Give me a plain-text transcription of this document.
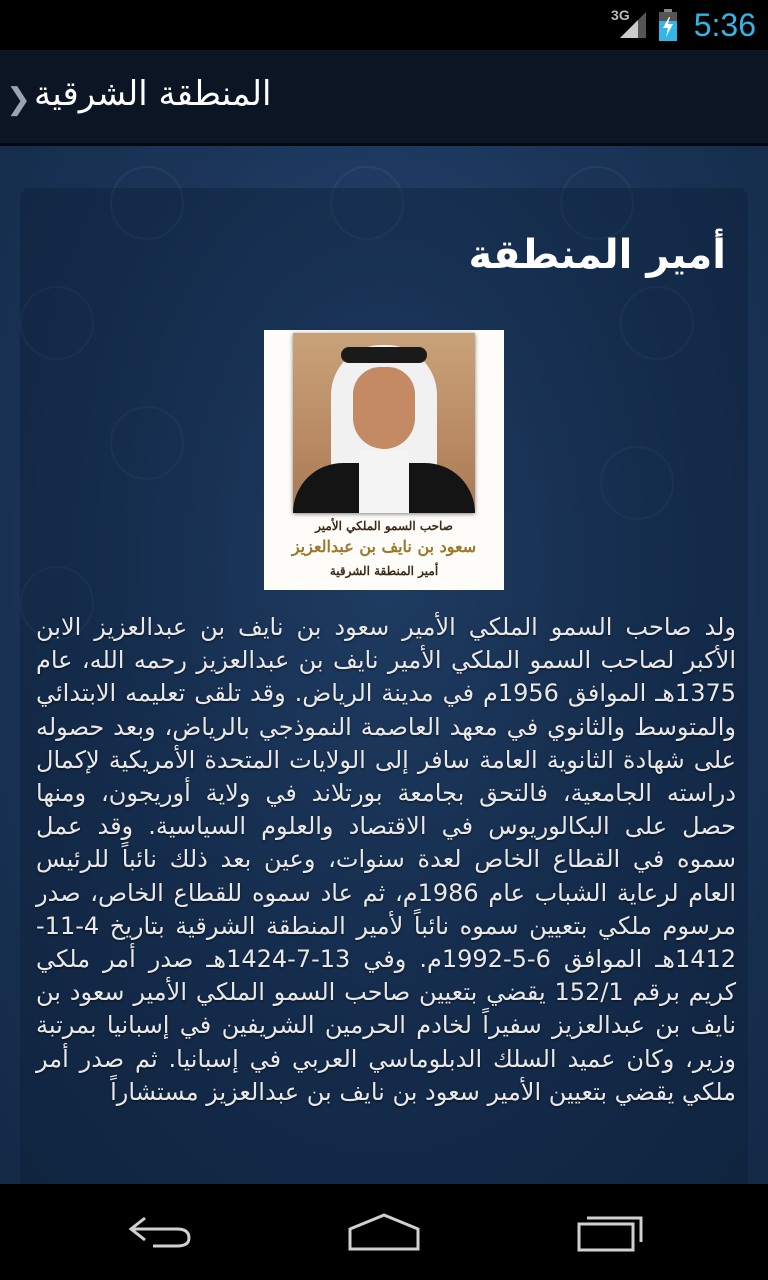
3G 5:36
❯ المنطقة الشرقية
أمير المنطقة
صاحب السمو الملكي الأمير
سعود بن نايف بن عبدالعزيز
أمير المنطقة الشرقية
ولد صاحب السمو الملكي الأمير سعود بن نايف بن عبدالعزيز الابن الأكبر لصاحب السمو الملكي الأمير نايف بن عبدالعزيز رحمه الله، عام 1375هـ الموافق 1956م في مدينة الرياض. وقد تلقى تعليمه الابتدائي والمتوسط والثانوي في معهد العاصمة النموذجي بالرياض، وبعد حصوله على شهادة الثانوية العامة سافر إلى الولايات المتحدة الأمريكية لإكمال دراسته الجامعية، فالتحق بجامعة بورتلاند في ولاية أوريجون، ومنها حصل على البكالوريوس في الاقتصاد والعلوم السياسية. وقد عمل سموه في القطاع الخاص لعدة سنوات، وعين بعد ذلك نائباً للرئيس العام لرعاية الشباب عام 1986م، ثم عاد سموه للقطاع الخاص، صدر مرسوم ملكي بتعيين سموه نائباً لأمير المنطقة الشرقية بتاريخ 4-11-1412هـ الموافق 6-5-1992م. وفي 13-7-1424هـ صدر أمر ملكي كريم برقم 152/1 يقضي بتعيين صاحب السمو الملكي الأمير سعود بن نايف بن عبدالعزيز سفيراً لخادم الحرمين الشريفين في إسبانيا بمرتبة وزير، وكان عميد السلك الدبلوماسي العربي في إسبانيا. ثم صدر أمر ملكي يقضي بتعيين الأمير سعود بن نايف بن عبدالعزيز مستشاراً
